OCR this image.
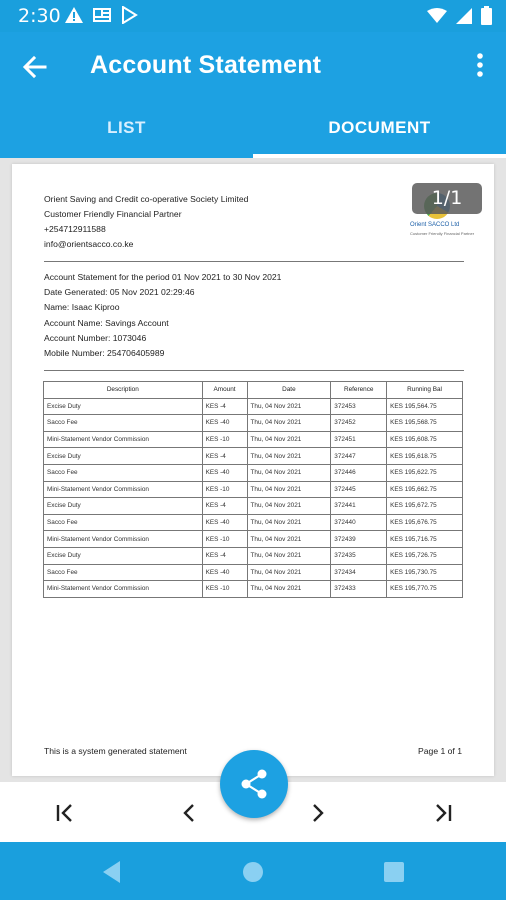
2:30
Account Statement
LIST	DOCUMENT
Orient Saving and Credit co-operative Society Limited
Customer Friendly Financial Partner
+254712911588
info@orientsacco.co.ke
Orient SACCO Ltd
Customer Friendly Financial Partner
1/1
Account Statement for the period 01 Nov 2021 to 30 Nov 2021
Date Generated: 05 Nov 2021 02:29:46
Name: Isaac Kiproo
Account Name: Savings Account
Account Number: 1073046
Mobile Number: 254706405989
Description	Amount	Date	Reference	Running Bal
Excise Duty	KES -4	Thu, 04 Nov 2021	372453	KES 195,564.75
Sacco Fee	KES -40	Thu, 04 Nov 2021	372452	KES 195,568.75
Mini-Statement Vendor Commission	KES -10	Thu, 04 Nov 2021	372451	KES 195,608.75
Excise Duty	KES -4	Thu, 04 Nov 2021	372447	KES 195,618.75
Sacco Fee	KES -40	Thu, 04 Nov 2021	372446	KES 195,622.75
Mini-Statement Vendor Commission	KES -10	Thu, 04 Nov 2021	372445	KES 195,662.75
Excise Duty	KES -4	Thu, 04 Nov 2021	372441	KES 195,672.75
Sacco Fee	KES -40	Thu, 04 Nov 2021	372440	KES 195,676.75
Mini-Statement Vendor Commission	KES -10	Thu, 04 Nov 2021	372439	KES 195,716.75
Excise Duty	KES -4	Thu, 04 Nov 2021	372435	KES 195,726.75
Sacco Fee	KES -40	Thu, 04 Nov 2021	372434	KES 195,730.75
Mini-Statement Vendor Commission	KES -10	Thu, 04 Nov 2021	372433	KES 195,770.75
This is a system generated statement	Page 1 of 1
